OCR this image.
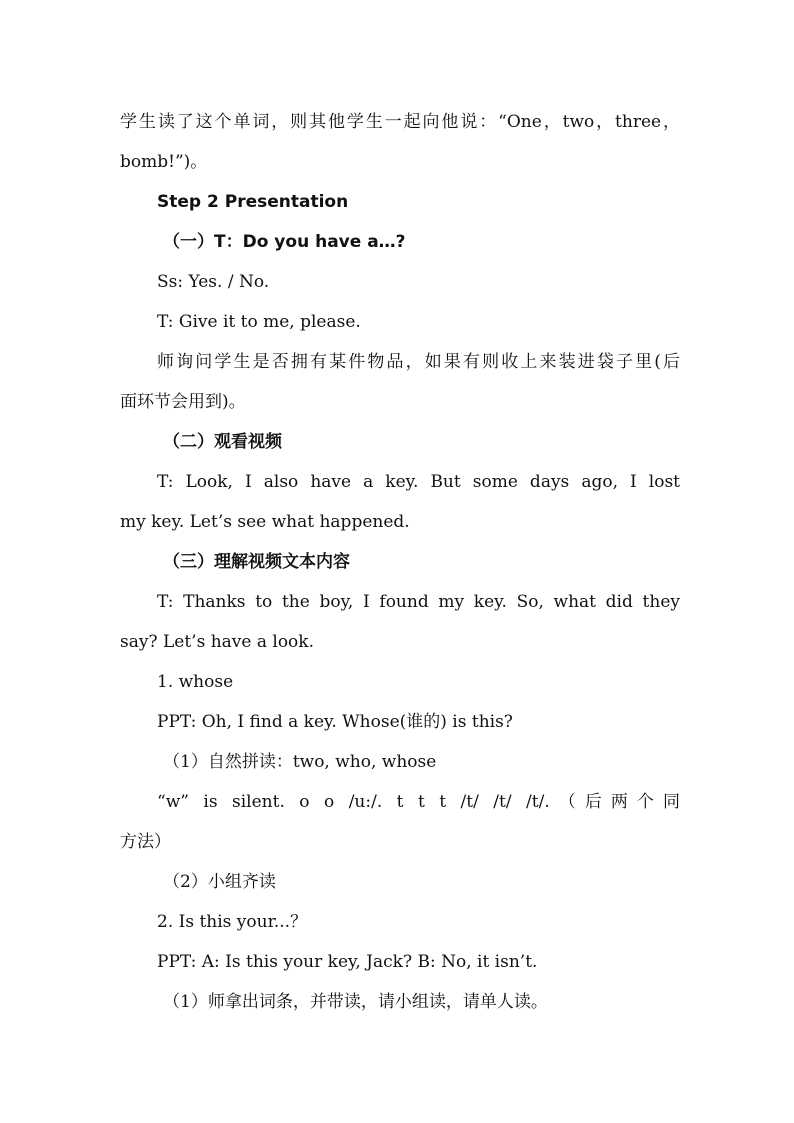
学生读了这个单词，则其他学生一起向他说：“One，two，three，
bomb!”)。
Step 2 Presentation
（一）T：Do you have a…?
Ss: Yes. / No.
T: Give it to me, please.
师询问学生是否拥有某件物品，如果有则收上来装进袋子里(后
面环节会用到)。
（二）观看视频
T: Look, I also have a key. But some days ago, I lost
my key. Let’s see what happened.
（三）理解视频文本内容
T: Thanks to the boy, I found my key. So, what did they
say? Let’s have a look.
1. whose
PPT: Oh, I find a key. Whose(谁的) is this?
（1）自然拼读：two, who, whose
“w” is silent. o o /u:/. t t t /t/ /t/ /t/.（后两个同
方法）
（2）小组齐读
2. Is this your...？
PPT: A: Is this your key, Jack? B: No, it isn’t.
（1）师拿出词条，并带读，请小组读，请单人读。
